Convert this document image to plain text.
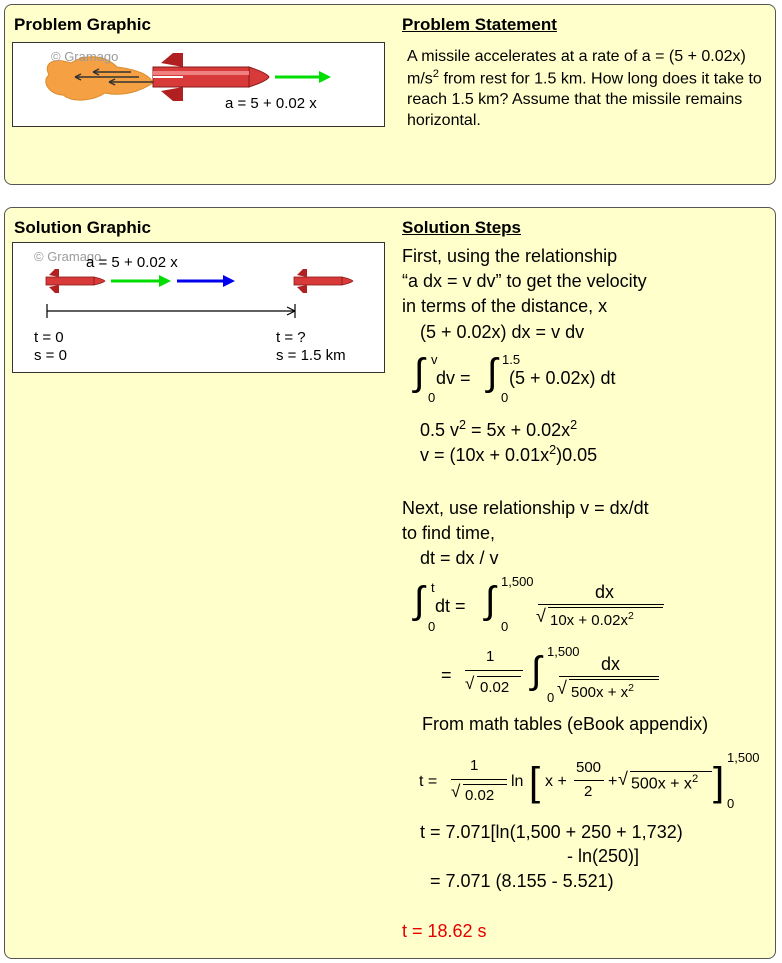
Problem Graphic	Problem Statement
© Gramago
a = 5 + 0.02 x
A missile accelerates at a rate of a = (5 + 0.02x) $m/s^2$ from rest for 1.5 km. How long does it take to reach 1.5 km? Assume that the missile remains horizontal.
Solution Graphic	Solution Steps
© Gramago
a = 5 + 0.02 x
t = 0
s = 0
t = ?
s = 1.5 km
First, using the relationship
“a dx = v dv” to get the velocity
in terms of the distance, x
(5 + 0.02x) dx = v dv
∫ v
0
dv = ∫ 1.5
0
(5 + 0.02x) dt
0.5 $v^2 = 5x + 0.02x^2$
$v = (10x + 0.01x^2)0.05$
Next, use relationship v = dx/dt
to find time,
dt = dx / v
∫ t
0
dt = ∫ 1,500
0
dx
√ $10x + 0.02x^2$
=
1
√ 0.02 ∫ 1,500
0
dx
√ $500x + x^2$
From math tables (eBook appendix)
t =
1
√ 0.02
ln [ x +
500
2
+ √ $500x + x^2$ ]
1,500
0
t = 7.071[ln(1,500 + 250 + 1,732)
- ln(250)]
= 7.071 (8.155 - 5.521)
t = 18.62 s
